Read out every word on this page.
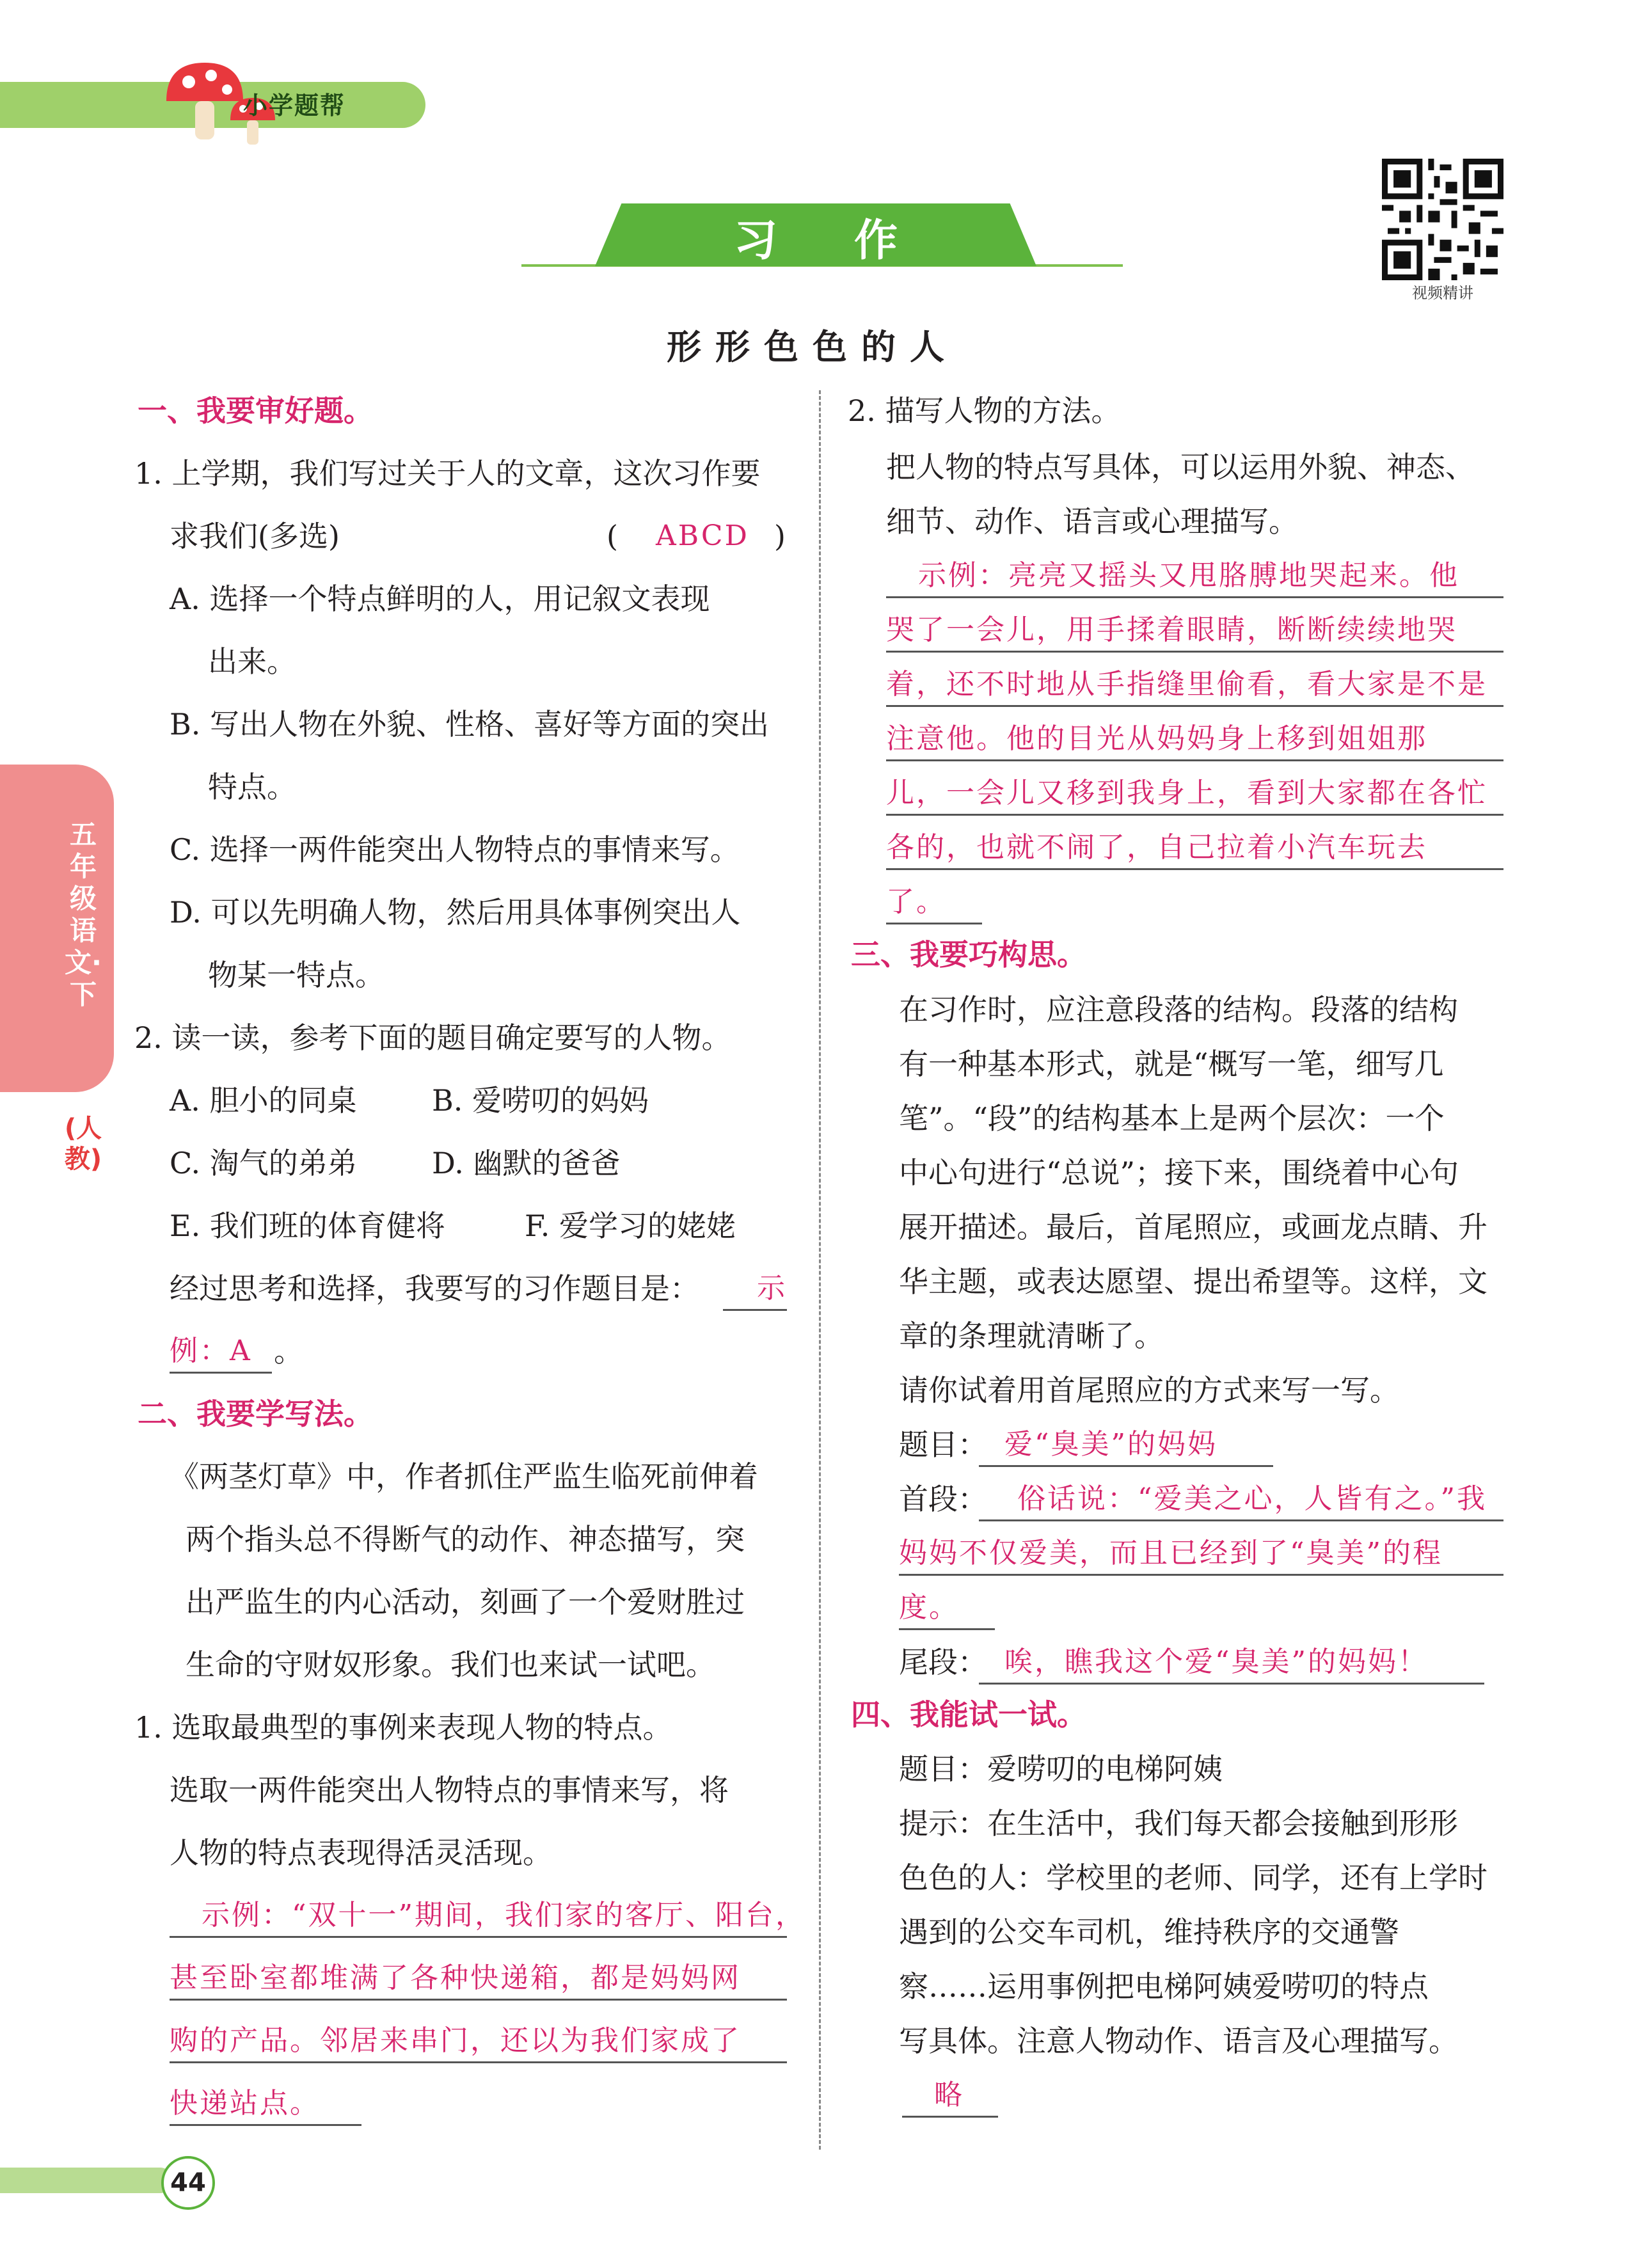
小学题帮
习作
视频精讲
形形色色的人
五年级语文·下
(人教)
一、我要审好题。
1. 上学期，我们写过关于人的文章，这次习作要
求我们(多选)	( ABCD )
A. 选择一个特点鲜明的人，用记叙文表现
出来。
B. 写出人物在外貌、性格、喜好等方面的突出
特点。
C. 选择一两件能突出人物特点的事情来写。
D. 可以先明确人物，然后用具体事例突出人
物某一特点。
2. 读一读，参考下面的题目确定要写的人物。
A. 胆小的同桌	B. 爱唠叨的妈妈
C. 淘气的弟弟	D. 幽默的爸爸
E. 我们班的体育健将	F. 爱学习的姥姥
经过思考和选择，我要写的习作题目是：	示
例：A 。
二、我要学写法。
《两茎灯草》中，作者抓住严监生临死前伸着
两个指头总不得断气的动作、神态描写，突
出严监生的内心活动，刻画了一个爱财胜过
生命的守财奴形象。我们也来试一试吧。
1. 选取最典型的事例来表现人物的特点。
选取一两件能突出人物特点的事情来写，将
人物的特点表现得活灵活现。
示例：“双十一”期间，我们家的客厅、阳台，
甚至卧室都堆满了各种快递箱，都是妈妈网
购的产品。邻居来串门，还以为我们家成了
快递站点。
2. 描写人物的方法。
把人物的特点写具体，可以运用外貌、神态、
细节、动作、语言或心理描写。
示例：亮亮又摇头又甩胳膊地哭起来。他
哭了一会儿，用手揉着眼睛，断断续续地哭
着，还不时地从手指缝里偷看，看大家是不是
注意他。他的目光从妈妈身上移到姐姐那
儿，一会儿又移到我身上，看到大家都在各忙
各的，也就不闹了，自己拉着小汽车玩去
了。
三、我要巧构思。
在习作时，应注意段落的结构。段落的结构
有一种基本形式，就是“概写一笔，细写几
笔”。“段”的结构基本上是两个层次：一个
中心句进行“总说”；接下来，围绕着中心句
展开描述。最后，首尾照应，或画龙点睛、升
华主题，或表达愿望、提出希望等。这样，文
章的条理就清晰了。
请你试着用首尾照应的方式来写一写。
题目： 爱“臭美”的妈妈
首段：	俗话说：“爱美之心，人皆有之。”我
妈妈不仅爱美，而且已经到了“臭美”的程
度。
尾段： 唉，瞧我这个爱“臭美”的妈妈！
四、我能试一试。
题目：爱唠叨的电梯阿姨
提示：在生活中，我们每天都会接触到形形
色色的人：学校里的老师、同学，还有上学时
遇到的公交车司机，维持秩序的交通警
察……运用事例把电梯阿姨爱唠叨的特点
写具体。注意人物动作、语言及心理描写。
略
44
